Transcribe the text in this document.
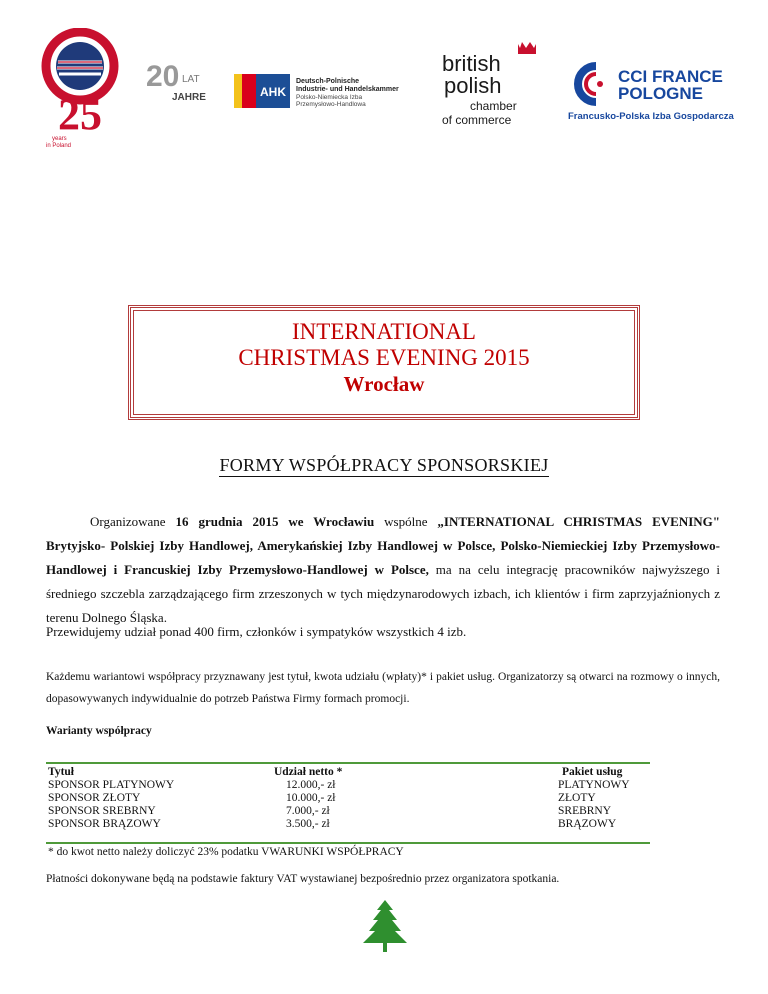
25
years
in Poland
20 LAT
JAHRE	AHK
Deutsch-Polnische
Industrie- und Handelskammer
Polsko-Niemiecka Izba
Przemysłowo-Handlowa
british
polish
chamber
of commerce
CCI FRANCE
POLOGNE
Francusko-Polska Izba Gospodarcza
INTERNATIONAL
CHRISTMAS EVENING 2015
Wrocław
FORMY WSPÓŁPRACY SPONSORSKIEJ
Organizowane 16 grudnia 2015 we Wrocławiu wspólne „INTERNATIONAL CHRISTMAS EVENING" Brytyjsko- Polskiej Izby Handlowej, Amerykańskiej Izby Handlowej w Polsce, Polsko-Niemieckiej Izby Przemysłowo-Handlowej i Francuskiej Izby Przemysłowo-Handlowej w Polsce, ma na celu integrację pracowników najwyższego i średniego szczebla zarządzającego firm zrzeszonych w tych międzynarodowych izbach, ich klientów i firm zaprzyjaźnionych z terenu Dolnego Śląska.
Przewidujemy udział ponad 400 firm, członków i sympatyków wszystkich 4 izb.
Każdemu wariantowi współpracy przyznawany jest tytuł, kwota udziału (wpłaty)* i pakiet usług. Organizatorzy są otwarci na rozmowy o innych, dopasowywanych indywidualnie do potrzeb Państwa Firmy formach promocji.
Warianty współpracy
Tytuł
SPONSOR PLATYNOWY
SPONSOR ZŁOTY
SPONSOR SREBRNY
SPONSOR BRĄZOWY
Udział netto *
12.000,- zł
10.000,- zł
7.000,- zł
3.500,- zł
Pakiet usług
PLATYNOWY
ZŁOTY
SREBRNY
BRĄZOWY
* do kwot netto należy doliczyć 23% podatku VWARUNKI WSPÓŁPRACY
Płatności dokonywane będą na podstawie faktury VAT wystawianej bezpośrednio przez organizatora spotkania.
